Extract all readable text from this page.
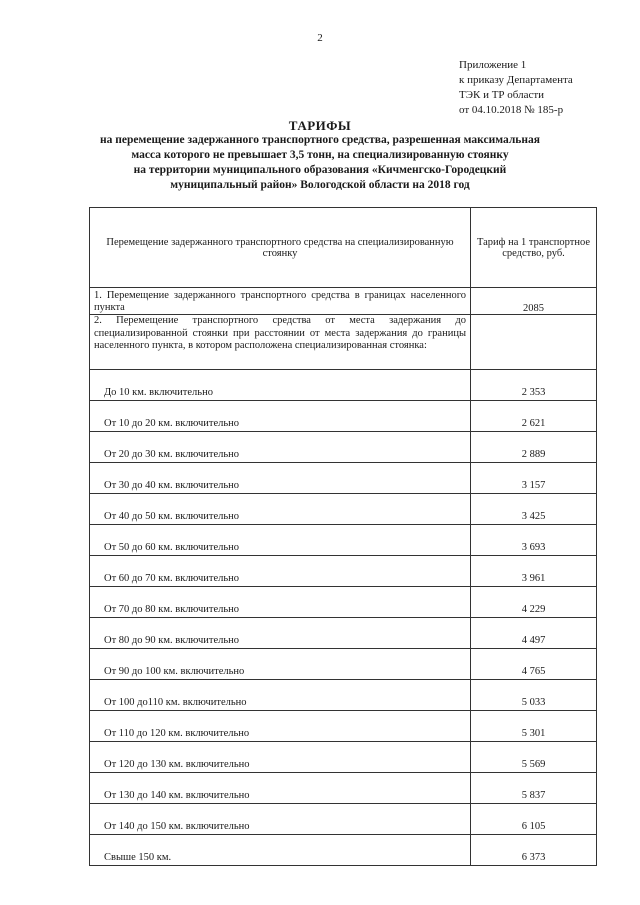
2
Приложение 1
к приказу Департамента
ТЭК и ТР области
от 04.10.2018 № 185-р
ТАРИФЫ
на перемещение задержанного транспортного средства, разрешенная максимальная
масса которого не превышает 3,5 тонн, на специализированную стоянку
на территории муниципального образования «Кичменгско-Городецкий
муниципальный район» Вологодской области на 2018 год
Перемещение задержанного транспортного средства на специализированную стоянку	Тариф на 1 транспортное средство, руб.
1. Перемещение задержанного транспортного средства в границах населенного пункта	2085
2. Перемещение транспортного средства от места задержания до специализированной стоянки при расстоянии от места задержания до границы населенного пункта, в котором расположена специализированная стоянка:	
До 10 км. включительно	2 353
От 10 до 20 км. включительно	2 621
От 20 до 30 км. включительно	2 889
От 30 до 40 км. включительно	3 157
От 40 до 50 км. включительно	3 425
От 50 до 60 км. включительно	3 693
От 60 до 70 км. включительно	3 961
От 70 до 80 км. включительно	4 229
От 80 до 90 км. включительно	4 497
От 90 до 100 км. включительно	4 765
От 100 до110 км. включительно	5 033
От 110 до 120 км. включительно	5 301
От 120 до 130 км. включительно	5 569
От 130 до 140 км. включительно	5 837
От 140 до 150 км. включительно	6 105
Свыше 150 км.	6 373
